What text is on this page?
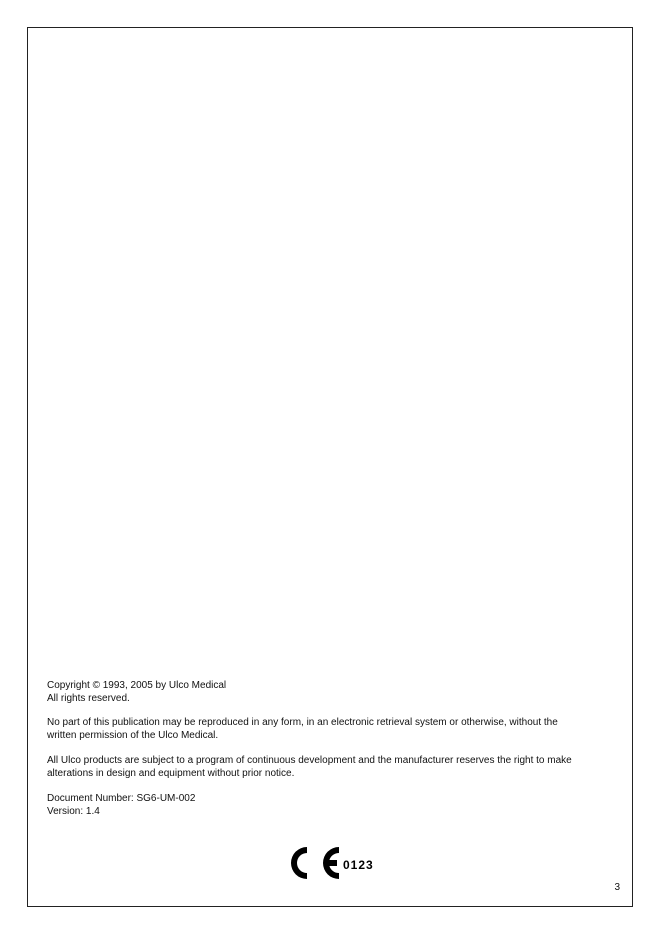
Copyright © 1993, 2005 by Ulco Medical

All rights reserved.

No part of this publication may be reproduced in any form, in an electronic retrieval system or otherwise, without the

written permission of the Ulco Medical.

All Ulco products are subject to a program of continuous development and the manufacturer reserves the right to make

alterations in design and equipment without prior notice.

Document Number: SG6-UM-002

Version: 1.4

0123
3
